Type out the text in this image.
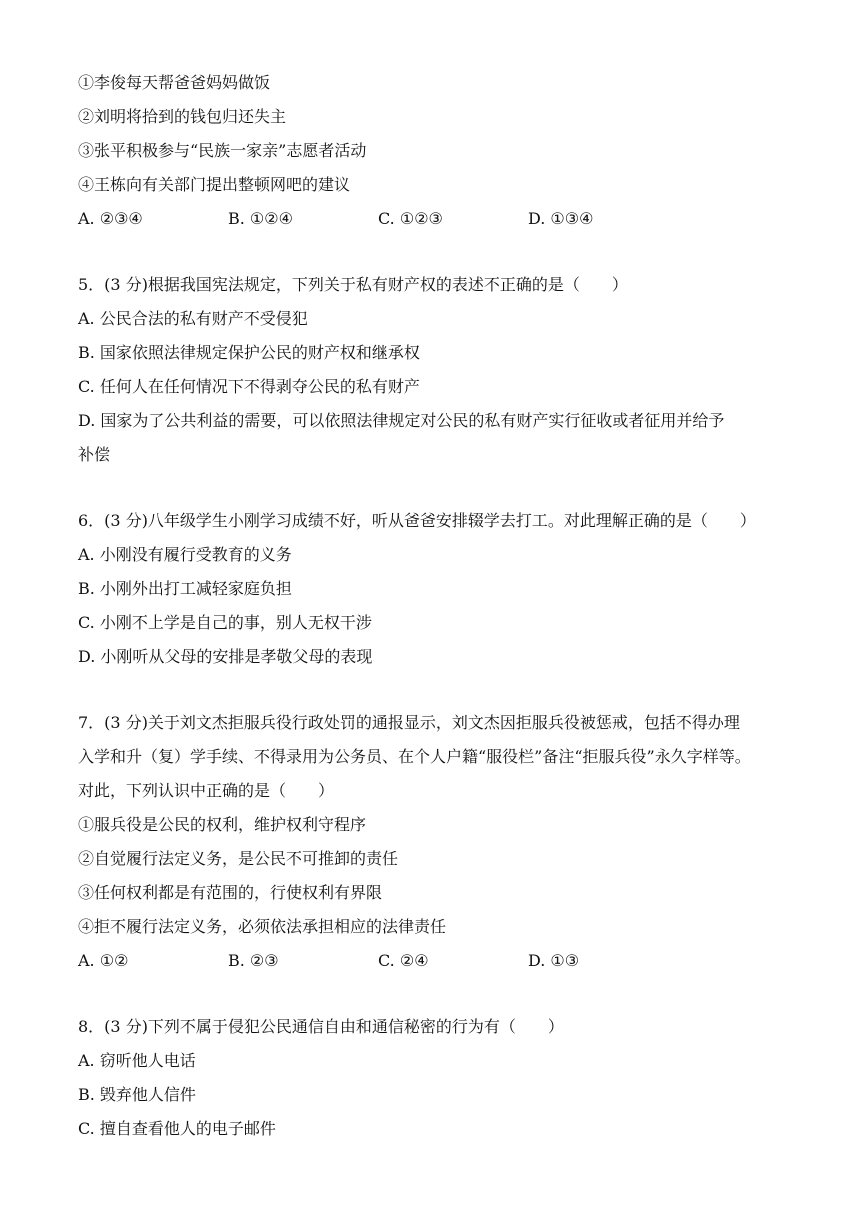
①李俊每天帮爸爸妈妈做饭
②刘明将拾到的钱包归还失主
③张平积极参与“民族一家亲”志愿者活动
④王栋向有关部门提出整顿网吧的建议
A. ②③④	B. ①②④	C. ①②③	D. ①③④
5．(3 分)根据我国宪法规定，下列关于私有财产权的表述不正确的是（　　）
A. 公民合法的私有财产不受侵犯
B. 国家依照法律规定保护公民的财产权和继承权
C. 任何人在任何情况下不得剥夺公民的私有财产
D. 国家为了公共利益的需要，可以依照法律规定对公民的私有财产实行征收或者征用并给予
补偿
6．(3 分)八年级学生小刚学习成绩不好，听从爸爸安排辍学去打工。对此理解正确的是（　　）
A. 小刚没有履行受教育的义务
B. 小刚外出打工减轻家庭负担
C. 小刚不上学是自己的事，别人无权干涉
D. 小刚听从父母的安排是孝敬父母的表现
7．(3 分)关于刘文杰拒服兵役行政处罚的通报显示，刘文杰因拒服兵役被惩戒，包括不得办理
入学和升（复）学手续、不得录用为公务员、在个人户籍“服役栏”备注“拒服兵役”永久字样等。
对此，下列认识中正确的是（　　）
①服兵役是公民的权利，维护权利守程序
②自觉履行法定义务，是公民不可推卸的责任
③任何权利都是有范围的，行使权利有界限
④拒不履行法定义务，必须依法承担相应的法律责任
A. ①②	B. ②③	C. ②④	D. ①③
8．(3 分)下列不属于侵犯公民通信自由和通信秘密的行为有（　　）
A. 窃听他人电话
B. 毁弃他人信件
C. 擅自查看他人的电子邮件
